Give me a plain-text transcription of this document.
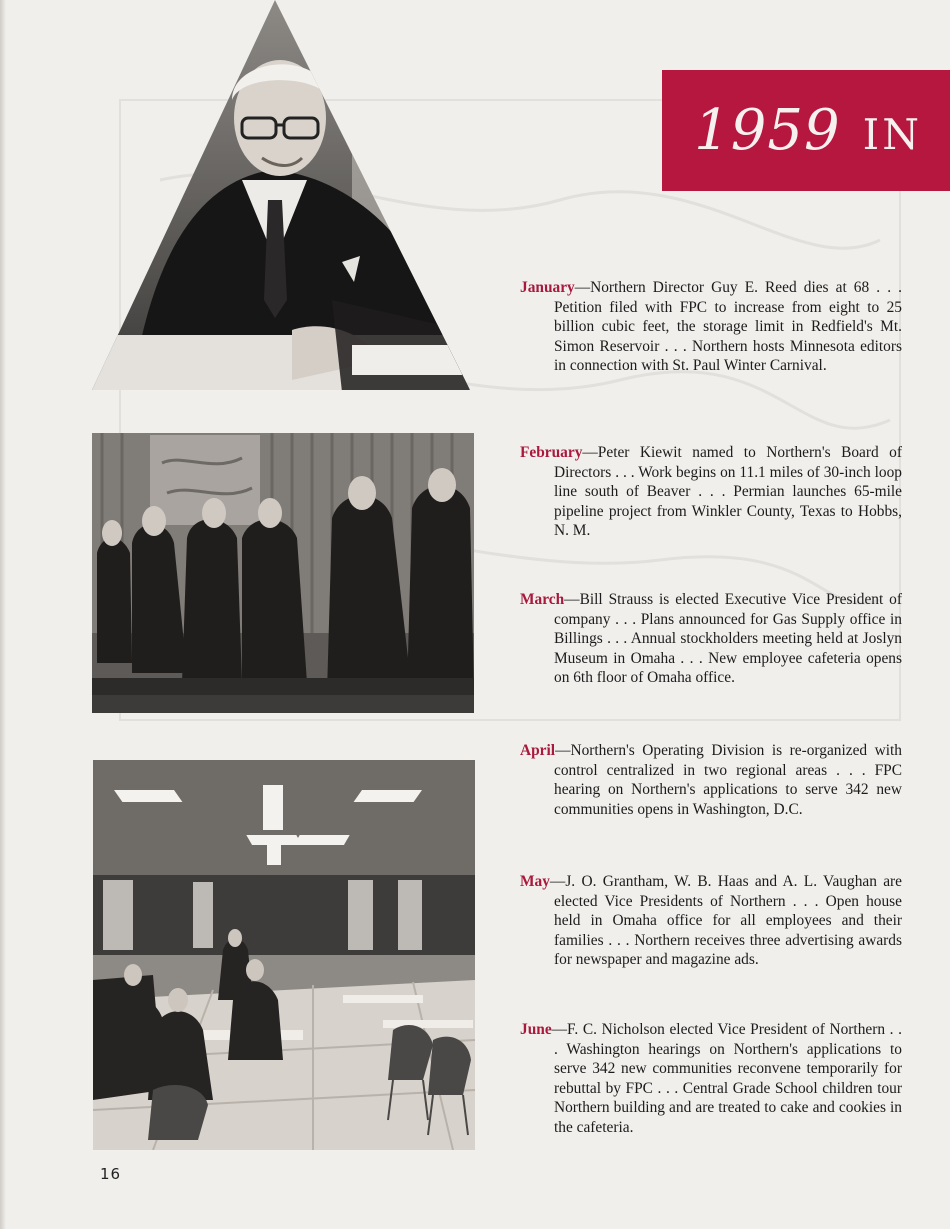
1959 IN

January—Northern Director Guy E. Reed dies at 68 . . . Petition filed with FPC to increase from eight to 25 billion cubic feet, the storage limit in Redfield's Mt. Simon Reservoir . . . Northern hosts Minnesota editors in connection with St. Paul Winter Carnival.

February—Peter Kiewit named to Northern's Board of Directors . . . Work begins on 11.1 miles of 30-inch loop line south of Beaver . . . Permian launches 65-mile pipeline project from Winkler County, Texas to Hobbs, N. M.

March—Bill Strauss is elected Executive Vice President of company . . . Plans announced for Gas Supply office in Billings . . . Annual stockholders meeting held at Joslyn Museum in Omaha . . . New employee cafeteria opens on 6th floor of Omaha office.

April—Northern's Operating Division is re-organized with control centralized in two regional areas . . . FPC hearing on Northern's applications to serve 342 new communities opens in Washington, D.C.

May—J. O. Grantham, W. B. Haas and A. L. Vaughan are elected Vice Presidents of Northern . . . Open house held in Omaha office for all employees and their families . . . Northern receives three advertising awards for newspaper and magazine ads.

June—F. C. Nicholson elected Vice President of Northern . . . Washington hearings on Northern's applications to serve 342 new communities reconvene temporarily for rebuttal by FPC . . . Central Grade School children tour Northern building and are treated to cake and cookies in the cafeteria.

16
